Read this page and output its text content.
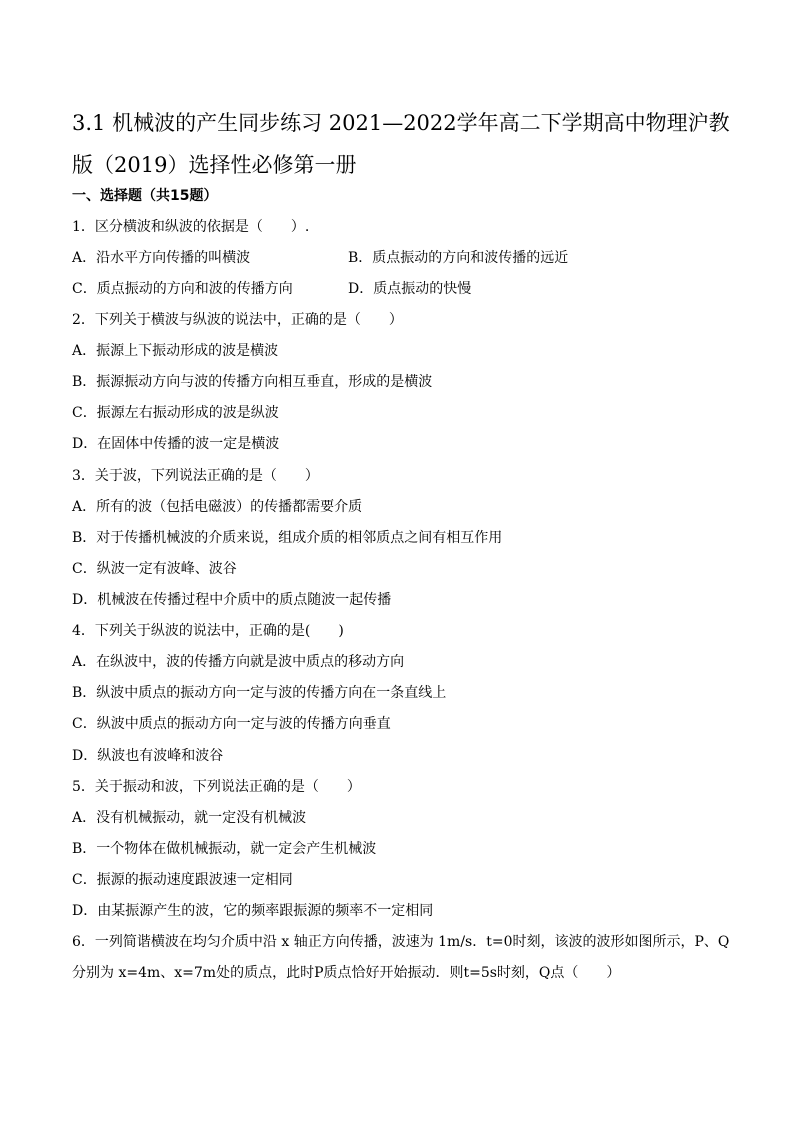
3.1 机械波的产生同步练习 2021—2022学年高二下学期高中物理沪教版（2019）选择性必修第一册
一、选择题（共15题）
1．区分横波和纵波的依据是（　　）.
A．沿水平方向传播的叫横波	B．质点振动的方向和波传播的远近
C．质点振动的方向和波的传播方向	D．质点振动的快慢
2．下列关于横波与纵波的说法中，正确的是（　　）
A．振源上下振动形成的波是横波
B．振源振动方向与波的传播方向相互垂直，形成的是横波
C．振源左右振动形成的波是纵波
D．在固体中传播的波一定是横波
3．关于波，下列说法正确的是（　　）
A．所有的波（包括电磁波）的传播都需要介质
B．对于传播机械波的介质来说，组成介质的相邻质点之间有相互作用
C．纵波一定有波峰、波谷
D．机械波在传播过程中介质中的质点随波一起传播
4．下列关于纵波的说法中，正确的是(　　)
A．在纵波中，波的传播方向就是波中质点的移动方向
B．纵波中质点的振动方向一定与波的传播方向在一条直线上
C．纵波中质点的振动方向一定与波的传播方向垂直
D．纵波也有波峰和波谷
5．关于振动和波，下列说法正确的是（　　）
A．没有机械振动，就一定没有机械波
B．一个物体在做机械振动，就一定会产生机械波
C．振源的振动速度跟波速一定相同
D．由某振源产生的波，它的频率跟振源的频率不一定相同
6．一列简谐横波在均匀介质中沿 x 轴正方向传播，波速为 1m/s．t=0时刻，该波的波形如图所示，P、Q
分别为 x=4m、x=7m处的质点，此时P质点恰好开始振动．则t=5s时刻，Q点（　　）
